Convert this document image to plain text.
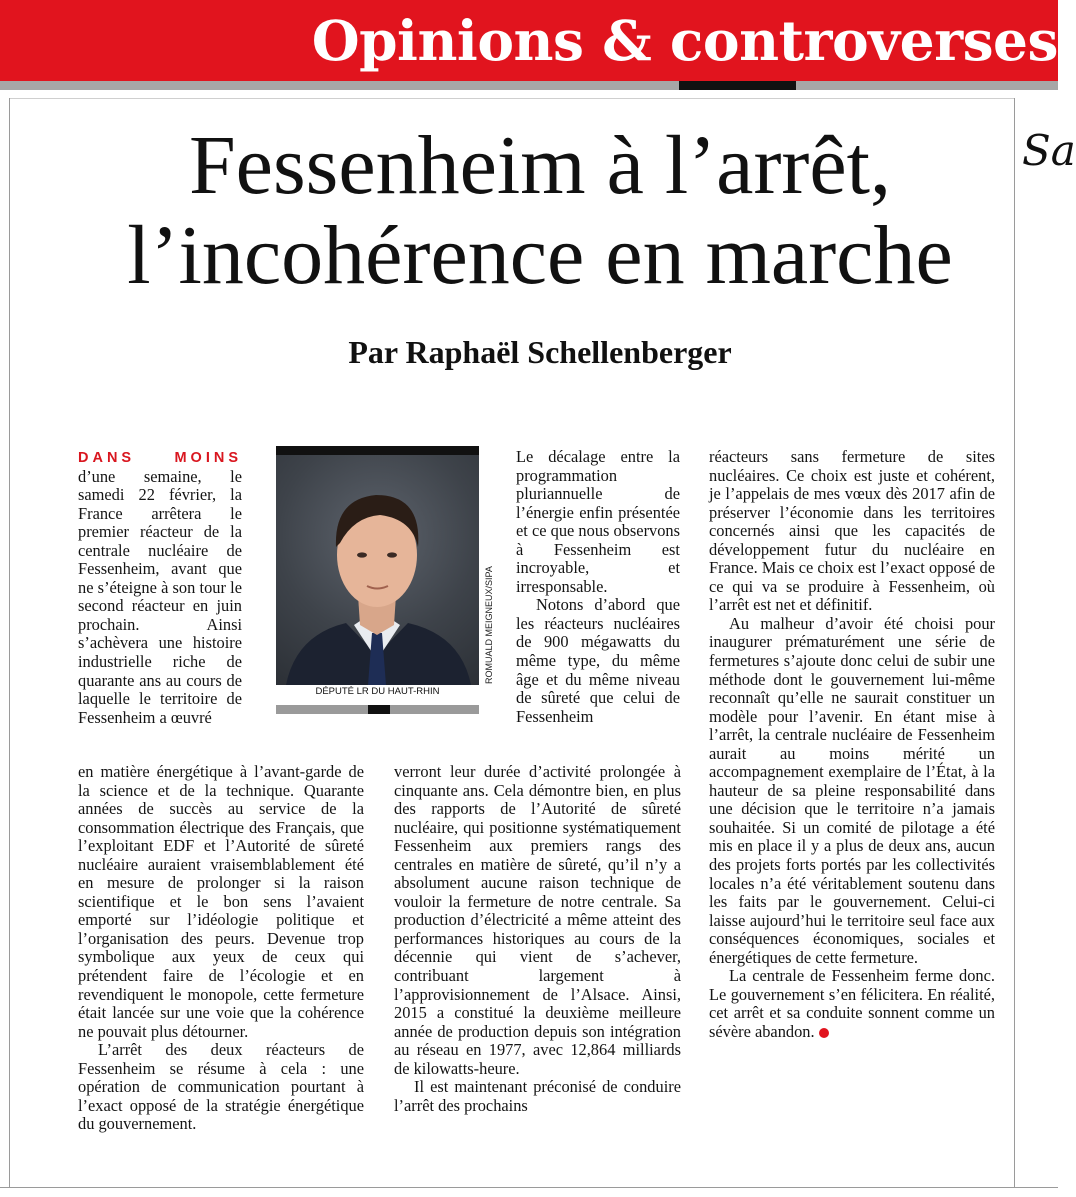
Opinions & controverses
Sa
Fessenheim à l’arrêt,
l’incohérence en marche
Par Raphaël Schellenberger

DANS MOINS d’une semaine, le samedi 22 février, la France arrêtera le premier réacteur de la centrale nucléaire de Fessenheim, avant que ne s’éteigne à son tour le second réacteur en juin prochain. Ainsi s’achèvera une histoire industrielle riche de quarante ans au cours de laquelle le territoire de Fessenheim a œuvré

en matière énergétique à l’avant-garde de la science et de la technique. Quarante années de succès au service de la consommation électrique des Français, que l’exploitant EDF et l’Autorité de sûreté nucléaire auraient vraisemblablement été en mesure de prolonger si la raison scientifique et le bon sens l’avaient emporté sur l’idéologie politique et l’organisation des peurs. Devenue trop symbolique aux yeux de ceux qui prétendent faire de l’écologie et en revendiquent le monopole, cette fermeture était lancée sur une voie que la cohérence ne pouvait plus détourner.

L’arrêt des deux réacteurs de Fessenheim se résume à cela : une opération de communication pourtant à l’exact opposé de la stratégie énergétique du gouvernement.

ROMUALD MEIGNEUX/SIPA
DÉPUTÉ LR DU HAUT-RHIN

Le décalage entre la programmation pluriannuelle de l’énergie enfin présentée et ce que nous observons à Fessenheim est incroyable, et irresponsable.

Notons d’abord que les réacteurs nucléaires de 900 mégawatts du même type, du même âge et du même niveau de sûreté que celui de Fessenheim

verront leur durée d’activité prolongée à cinquante ans. Cela démontre bien, en plus des rapports de l’Autorité de sûreté nucléaire, qui positionne systématiquement Fessenheim aux premiers rangs des centrales en matière de sûreté, qu’il n’y a absolument aucune raison technique de vouloir la fermeture de notre centrale. Sa production d’électricité a même atteint des performances historiques au cours de la décennie qui vient de s’achever, contribuant largement à l’approvisionnement de l’Alsace. Ainsi, 2015 a constitué la deuxième meilleure année de production depuis son intégration au réseau en 1977, avec 12,864 milliards de kilowatts-heure.

Il est maintenant préconisé de conduire l’arrêt des prochains

réacteurs sans fermeture de sites nucléaires. Ce choix est juste et cohérent, je l’appelais de mes vœux dès 2017 afin de préserver l’économie dans les territoires concernés ainsi que les capacités de développement futur du nucléaire en France. Mais ce choix est l’exact opposé de ce qui va se produire à Fessenheim, où l’arrêt est net et définitif.

Au malheur d’avoir été choisi pour inaugurer prématurément une série de fermetures s’ajoute donc celui de subir une méthode dont le gouvernement lui-même reconnaît qu’elle ne saurait constituer un modèle pour l’avenir. En étant mise à l’arrêt, la centrale nucléaire de Fessenheim aurait au moins mérité un accompagnement exemplaire de l’État, à la hauteur de sa pleine responsabilité dans une décision que le territoire n’a jamais souhaitée. Si un comité de pilotage a été mis en place il y a plus de deux ans, aucun des projets forts portés par les collectivités locales n’a été véritablement soutenu dans les faits par le gouvernement. Celui-ci laisse aujourd’hui le territoire seul face aux conséquences économiques, sociales et énergétiques de cette fermeture.

La centrale de Fessenheim ferme donc. Le gouvernement s’en félicitera. En réalité, cet arrêt et sa conduite sonnent comme un sévère abandon.
